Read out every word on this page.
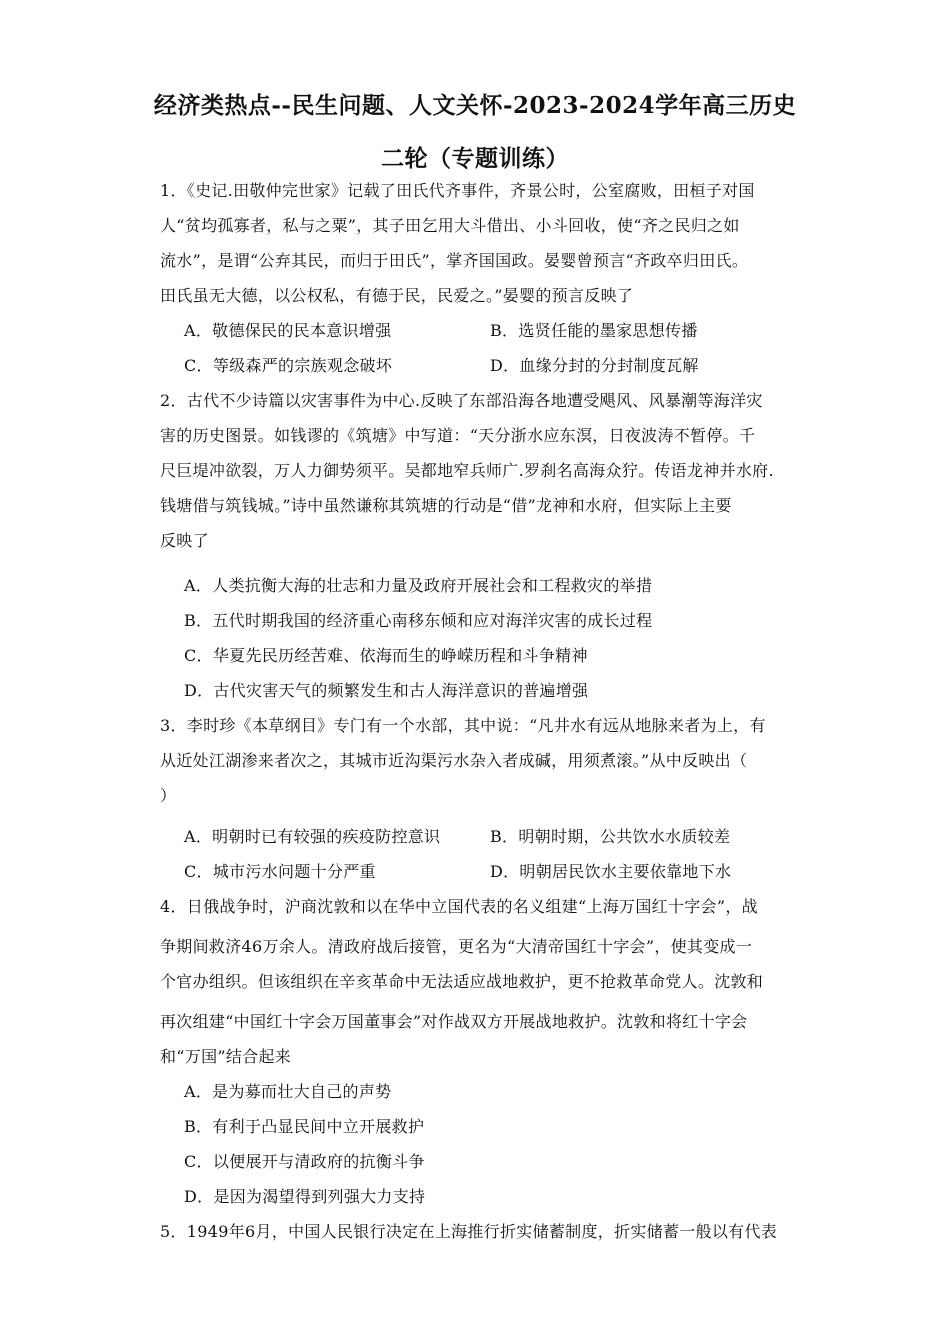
经济类热点--民生问题、人文关怀-2023-2024学年高三历史
二轮（专题训练）
1．《史记.田敬仲完世家》记载了田氏代齐事件，齐景公时，公室腐败，田桓子对国
人“贫均孤寡者，私与之粟”，其子田乞用大斗借出、小斗回收，使“齐之民归之如
流水”，是谓“公弃其民，而归于田氏”，掌齐国国政。晏婴曾预言“齐政卒归田氏。
田氏虽无大德，以公权私，有德于民，民爱之。”晏婴的预言反映了
A．敬德保民的民本意识增强	B．选贤任能的墨家思想传播
C．等级森严的宗族观念破坏	D．血缘分封的分封制度瓦解
2．古代不少诗篇以灾害事件为中心.反映了东部沿海各地遭受飓风、风暴潮等海洋灾
害的历史图景。如钱谬的《筑塘》中写道：“天分浙水应东溟，日夜波涛不暂停。千
尺巨堤冲欲裂，万人力御势须平。吴都地窄兵师广.罗刹名高海众狞。传语龙神并水府.
钱塘借与筑钱城。”诗中虽然谦称其筑塘的行动是“借”龙神和水府，但实际上主要
反映了
A．人类抗衡大海的壮志和力量及政府开展社会和工程救灾的举措
B．五代时期我国的经济重心南移东倾和应对海洋灾害的成长过程
C．华夏先民历经苦难、依海而生的峥嵘历程和斗争精神
D．古代灾害天气的频繁发生和古人海洋意识的普遍增强
3．李时珍《本草纲目》专门有一个水部，其中说：“凡井水有远从地脉来者为上，有
从近处江湖渗来者次之，其城市近沟渠污水杂入者成碱，用须煮滚。”从中反映出（
）
A．明朝时已有较强的疾疫防控意识	B．明朝时期，公共饮水水质较差
C．城市污水问题十分严重	D．明朝居民饮水主要依靠地下水
4．日俄战争时，沪商沈敦和以在华中立国代表的名义组建“上海万国红十字会”，战
争期间救济46万余人。清政府战后接管，更名为“大清帝国红十字会”，使其变成一
个官办组织。但该组织在辛亥革命中无法适应战地救护，更不抢救革命党人。沈敦和
再次组建“中国红十字会万国董事会”对作战双方开展战地救护。沈敦和将红十字会
和“万国”结合起来
A．是为募而壮大自己的声势
B．有利于凸显民间中立开展救护
C．以便展开与清政府的抗衡斗争
D．是因为渴望得到列强大力支持
5．1949年6月，中国人民银行决定在上海推行折实储蓄制度，折实储蓄一般以有代表
